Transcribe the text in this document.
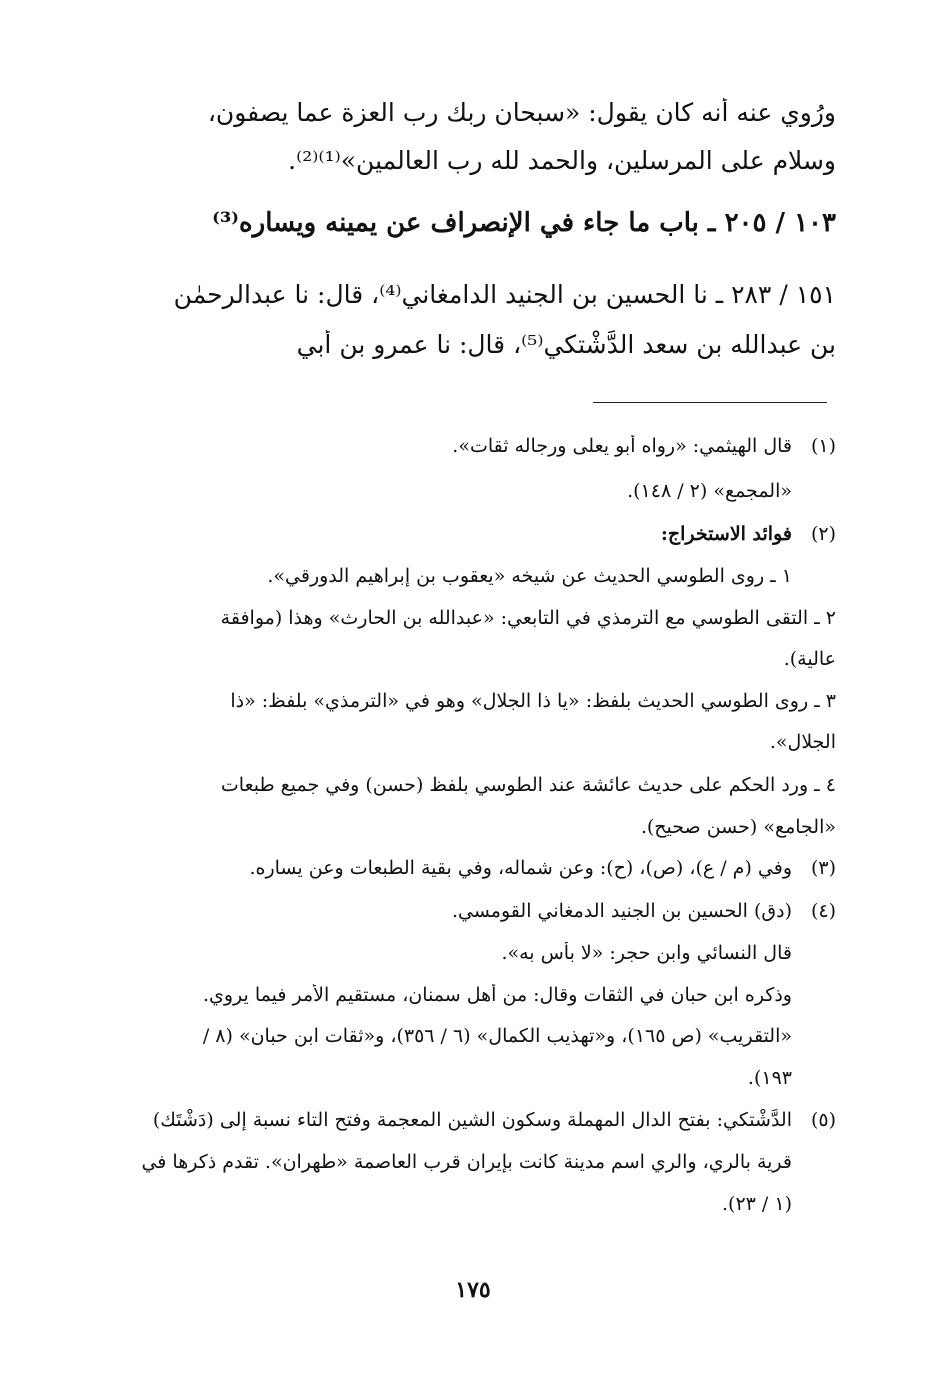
ورُوِي عنه أنه كان يقول: «سبحان ربك رب العزة عما يصفون،
وسلام على المرسلين، والحمد لله رب العالمين»⁽¹⁾⁽²⁾.
١٠٣ / ٢٠٥ ـ باب ما جاء في الإنصراف عن يمينه ويساره⁽³⁾
١٥١ / ٢٨٣ ـ نا الحسين بن الجنيد الدامغاني⁽⁴⁾، قال: نا عبدالرحمٰن
بن عبدالله بن سعد الدَّشْتكي⁽⁵⁾، قال: نا عمرو بن أبي
(١)قال الهيثمي: «رواه أبو يعلى ورجاله ثقات».
«المجمع» (٢ / ١٤٨).
(٢)فوائد الاستخراج:
١ ـ روى الطوسي الحديث عن شيخه «يعقوب بن إبراهيم الدورقي».
٢ ـ التقى الطوسي مع الترمذي في التابعي: «عبدالله بن الحارث» وهذا (موافقة
عالية).
٣ ـ روى الطوسي الحديث بلفظ: «يا ذا الجلال» وهو في «الترمذي» بلفظ: «ذا
الجلال».
٤ ـ ورد الحكم على حديث عائشة عند الطوسي بلفظ (حسن) وفي جميع طبعات
«الجامع» (حسن صحيح).
(٣)وفي (م / ع)، (ص)، (ح): وعن شماله، وفي بقية الطبعات وعن يساره.
(٤)(دق) الحسين بن الجنيد الدمغاني القومسي.
قال النسائي وابن حجر: «لا بأس به».
وذكره ابن حبان في الثقات وقال: من أهل سمنان، مستقيم الأمر فيما يروي.
«التقريب» (ص ١٦٥)، و«تهذيب الكمال» (٦ / ٣٥٦)، و«ثقات ابن حبان» (٨ /
١٩٣).
(٥)الدَّشْتكي: بفتح الدال المهملة وسكون الشين المعجمة وفتح التاء نسبة إلى (دَشْتَك)
قرية بالري، والري اسم مدينة كانت بإيران قرب العاصمة «طهران». تقدم ذكرها في
(١ / ٢٣).
١٧٥
